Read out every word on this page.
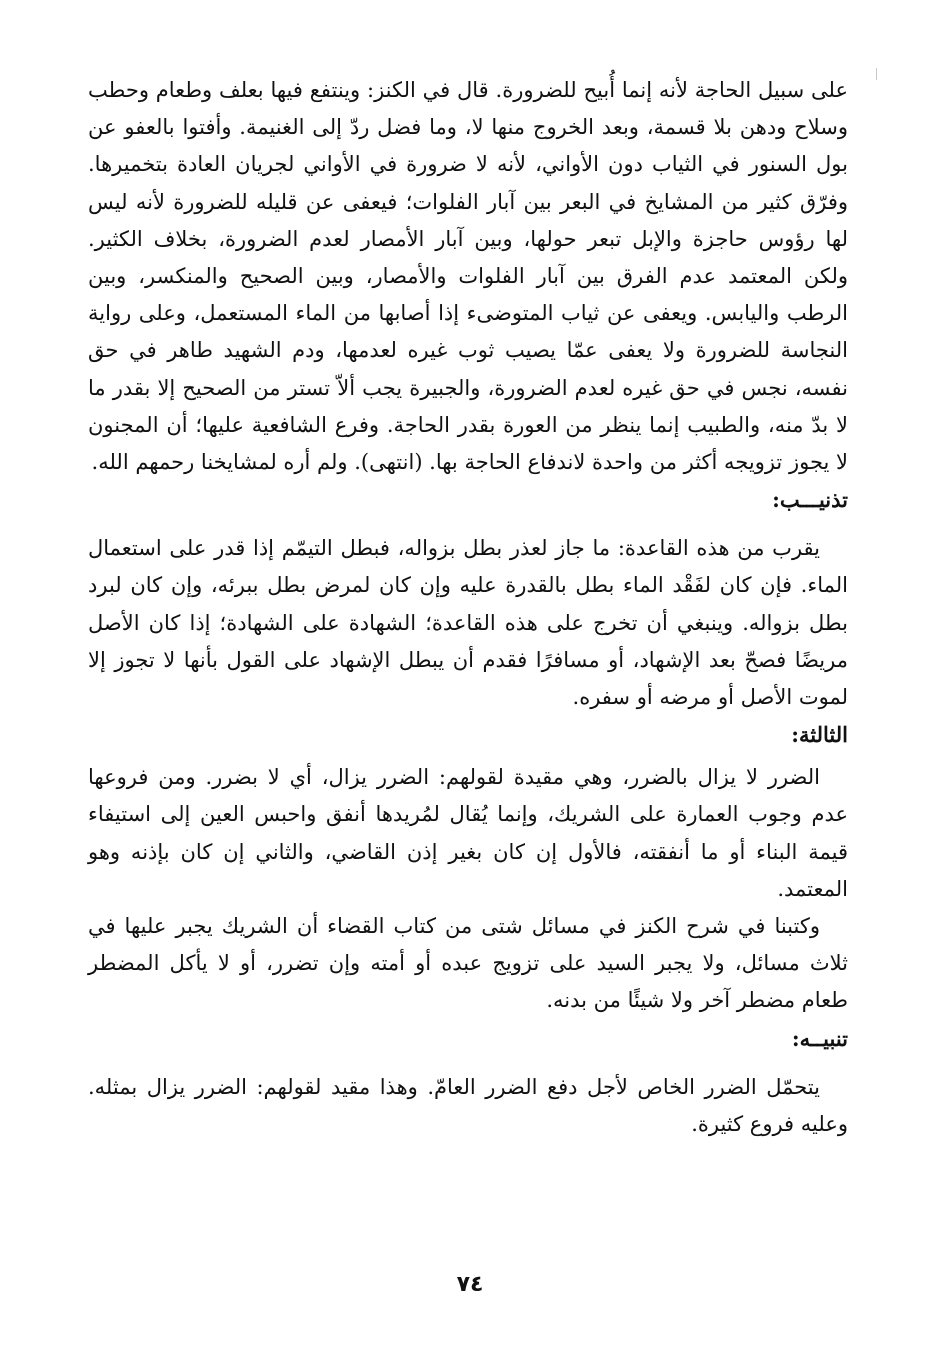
على سبيل الحاجة لأنه إنما أُبيح للضرورة. قال في الكنز: وينتفع فيها بعلف وطعام وحطب وسلاح ودهن بلا قسمة، وبعد الخروج منها لا، وما فضل ردّ إلى الغنيمة. وأفتوا بالعفو عن بول السنور في الثياب دون الأواني، لأنه لا ضرورة في الأواني لجريان العادة بتخميرها. وفرّق كثير من المشايخ في البعر بين آبار الفلوات؛ فيعفى عن قليله للضرورة لأنه ليس لها رؤوس حاجزة والإبل تبعر حولها، وبين آبار الأمصار لعدم الضرورة، بخلاف الكثير. ولكن المعتمد عدم الفرق بين آبار الفلوات والأمصار، وبين الصحيح والمنكسر، وبين الرطب واليابس. ويعفى عن ثياب المتوضىء إذا أصابها من الماء المستعمل، وعلى رواية النجاسة للضرورة ولا يعفى عمّا يصيب ثوب غيره لعدمها، ودم الشهيد طاهر في حق نفسه، نجس في حق غيره لعدم الضرورة، والجبيرة يجب ألاّ تستر من الصحيح إلا بقدر ما لا بدّ منه، والطبيب إنما ينظر من العورة بقدر الحاجة. وفرع الشافعية عليها؛ أن المجنون لا يجوز تزويجه أكثر من واحدة لاندفاع الحاجة بها. (انتهى). ولم أره لمشايخنا رحمهم الله.

تذنيـــب:

يقرب من هذه القاعدة: ما جاز لعذر بطل بزواله، فبطل التيمّم إذا قدر على استعمال الماء. فإن كان لفَقْد الماء بطل بالقدرة عليه وإن كان لمرض بطل ببرئه، وإن كان لبرد بطل بزواله. وينبغي أن تخرج على هذه القاعدة؛ الشهادة على الشهادة؛ إذا كان الأصل مريضًا فصحّ بعد الإشهاد، أو مسافرًا فقدم أن يبطل الإشهاد على القول بأنها لا تجوز إلا لموت الأصل أو مرضه أو سفره.

الثالثة:

الضرر لا يزال بالضرر، وهي مقيدة لقولهم: الضرر يزال، أي لا بضرر. ومن فروعها عدم وجوب العمارة على الشريك، وإنما يُقال لمُريدها أنفق واحبس العين إلى استيفاء قيمة البناء أو ما أنفقته، فالأول إن كان بغير إذن القاضي، والثاني إن كان بإذنه وهو المعتمد.

وكتبنا في شرح الكنز في مسائل شتى من كتاب القضاء أن الشريك يجبر عليها في ثلاث مسائل، ولا يجبر السيد على تزويج عبده أو أمته وإن تضرر، أو لا يأكل المضطر طعام مضطر آخر ولا شيئًا من بدنه.

تنبيــه:

يتحمّل الضرر الخاص لأجل دفع الضرر العامّ. وهذا مقيد لقولهم: الضرر يزال بمثله. وعليه فروع كثيرة.

٧٤
